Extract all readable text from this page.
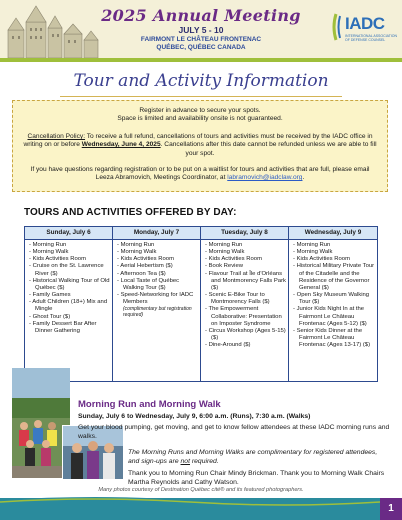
2025 Annual Meeting
JULY 5 - 10
FAIRMONT LE CHÂTEAU FRONTENAC
QUÉBEC, QUÉBEC CANADA
IADC
INTERNATIONAL ASSOCIATION OF DEFENSE COUNSEL
Tour and Activity Information

Register in advance to secure your spots.
Space is limited and availability onsite is not guaranteed.

Cancellation Policy: To receive a full refund, cancellations of tours and activities must be received by the IADC office in writing on or before Wednesday, June 4, 2025. Cancellations after this date cannot be refunded unless we are able to fill your spot.

If you have questions regarding registration or to be put on a waitlist for tours and activities that are full, please email Leeza Abramovich, Meetings Coordinator, at labramovich@iadclaw.org.

TOURS AND ACTIVITIES OFFERED BY DAY:
Sunday, July 6
- Morning Run
- Morning Walk
- Kids Activities Room
- Cruise on the St. Lawrence River ($)
- Historical Walking Tour of Old Québec ($)
- Family Games
- Adult Children (18+) Mix and Mingle
- Ghost Tour ($)
- Family Dessert Bar After Dinner Gathering
Monday, July 7
- Morning Run
- Morning Walk
- Kids Activities Room
- Aerial Hebertism ($)
- Afternoon Tea ($)
- Local Taste of Québec Walking Tour ($)
- Speed-Networking for IADC Members
(complimentary but registration required)
Tuesday, July 8
- Morning Run
- Morning Walk
- Kids Activities Room
- Book Review
- Flavour Trail at Île d'Orléans and Montmorency Falls Park ($)
- Scenic E-Bike Tour to Montmorency Falls ($)
- The Empowerment Collaborative: Presentation on Imposter Syndrome
- Circus Workshop (Ages 5-15) ($)
- Dine-Around ($)
Wednesday, July 9
- Morning Run
- Morning Walk
- Kids Activities Room
- Historical Military Private Tour of the Citadelle and the Residence of the Governor General ($)
- Open Sky Museum Walking Tour ($)
- Junior Kids Night In at the Fairmont Le Château Frontenac (Ages 5-12) ($)
- Senior Kids Dinner at the Fairmont Le Château Frontenac (Ages 13-17) ($)
Morning Run and Morning Walk
Sunday, July 6 to Wednesday, July 9, 6:00 a.m. (Runs), 7:30 a.m. (Walks)
Get your blood pumping, get moving, and get to know fellow attendees at these IADC morning runs and walks.
The Morning Runs and Morning Walks are complimentary for registered attendees, and sign-ups are not required.
Thank you to Morning Run Chair Mindy Brickman. Thank you to Morning Walk Chairs Martha Reynolds and Cathy Watson.
Many photos courtesy of Destination Québec cité® and its featured photographers.
1
